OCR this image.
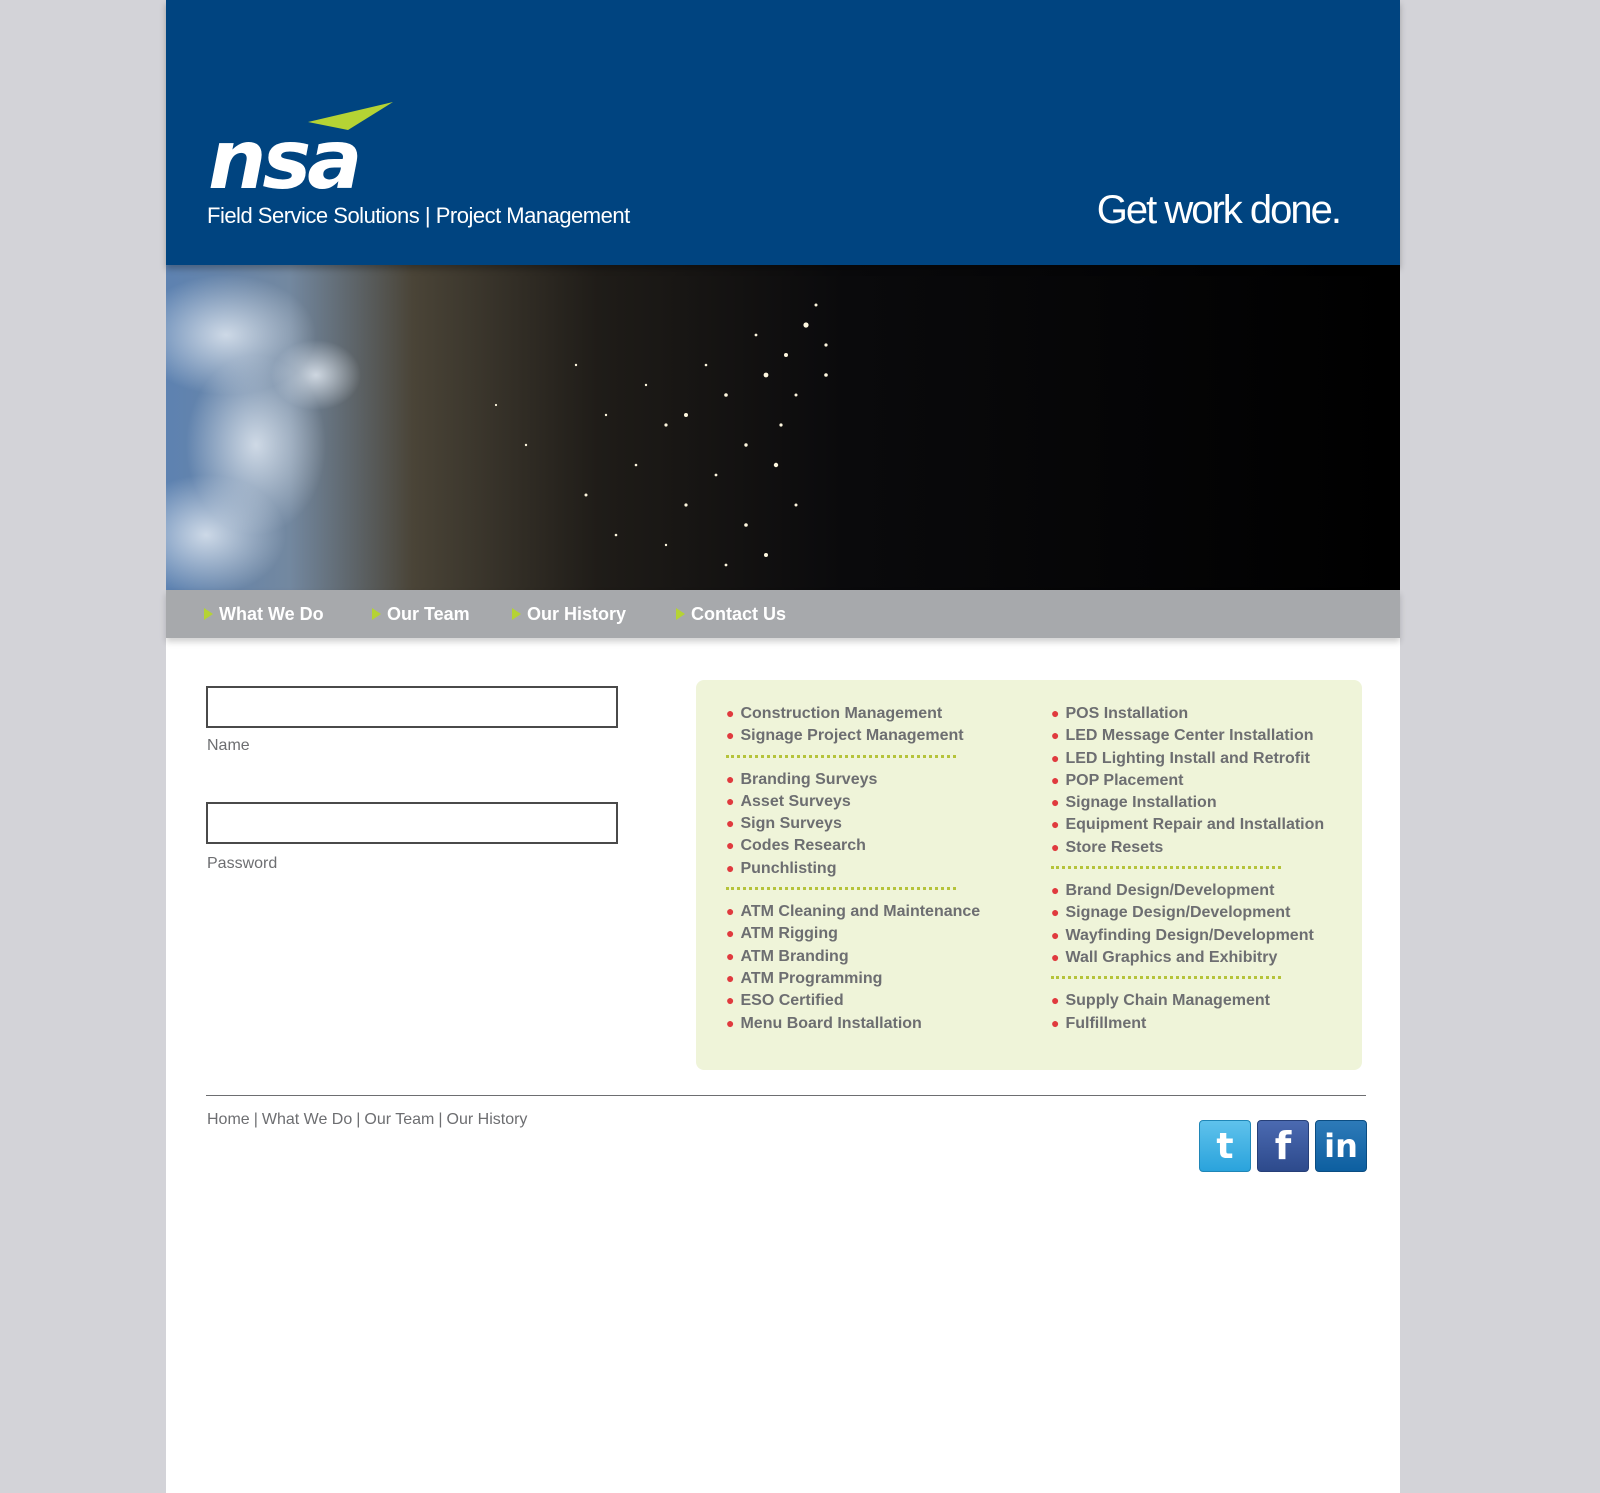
nsa
Field Service Solutions | Project Management	Get work done.
What We Do	Our Team	Our History	Contact Us
Name
Password
● Construction Management
● Signage Project Management
● Branding Surveys
● Asset Surveys
● Sign Surveys
● Codes Research
● Punchlisting
● ATM Cleaning and Maintenance
● ATM Rigging
● ATM Branding
● ATM Programming
● ESO Certified
● Menu Board Installation
● POS Installation
● LED Message Center Installation
● LED Lighting Install and Retrofit
● POP Placement
● Signage Installation
● Equipment Repair and Installation
● Store Resets
● Brand Design/Development
● Signage Design/Development
● Wayfinding Design/Development
● Wall Graphics and Exhibitry
● Supply Chain Management
● Fulfillment
Home | What We Do | Our Team | Our History
t	f	in
